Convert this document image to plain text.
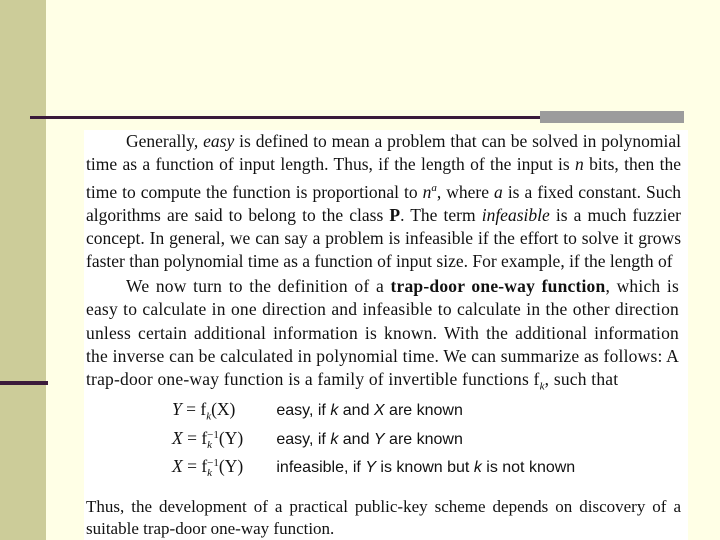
Generally, easy is defined to mean a problem that can be solved in polynomial time as a function of input length. Thus, if the length of the input is n bits, then the time to compute the function is proportional to $n^a$, where a is a fixed constant. Such algorithms are said to belong to the class P. The term infeasible is a much fuzzier concept. In general, we can say a problem is infeasible if the effort to solve it grows faster than polynomial time as a function of input size. For example, if the length of

We now turn to the definition of a trap-door one-way function, which is easy to calculate in one direction and infeasible to calculate in the other direction unless certain additional information is known. With the additional information the inverse can be calculated in polynomial time. We can summarize as follows: A trap-door one-way function is a family of invertible functions $f_k$, such that

$Y = f_k(X)$	easy, if k and X are known
X = f −1
k (Y) easy, if k and Y are known
X = f −1
k (Y) infeasible, if Y is known but k is not known

Thus, the development of a practical public-key scheme depends on discovery of a suitable trap-door one-way function.
